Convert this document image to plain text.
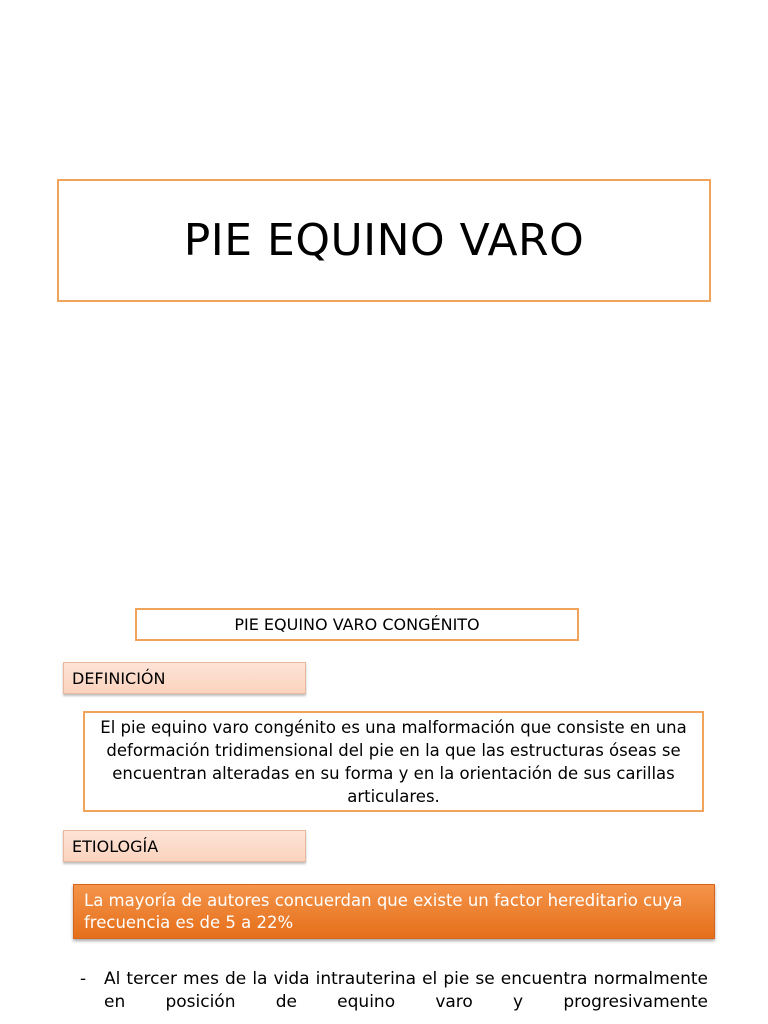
PIE EQUINO VARO
PIE EQUINO VARO CONGÉNITO
DEFINICIÓN
El pie equino varo congénito es una malformación que consiste en una deformación tridimensional del pie en la que las estructuras óseas se encuentran alteradas en su forma y en la orientación de sus carillas articulares.
ETIOLOGÍA
La mayoría de autores concuerdan que existe un factor hereditario cuya frecuencia es de 5 a 22%
-	Al tercer mes de la vida intrauterina el pie se encuentra normalmente en posición de equino varo y progresivamente
